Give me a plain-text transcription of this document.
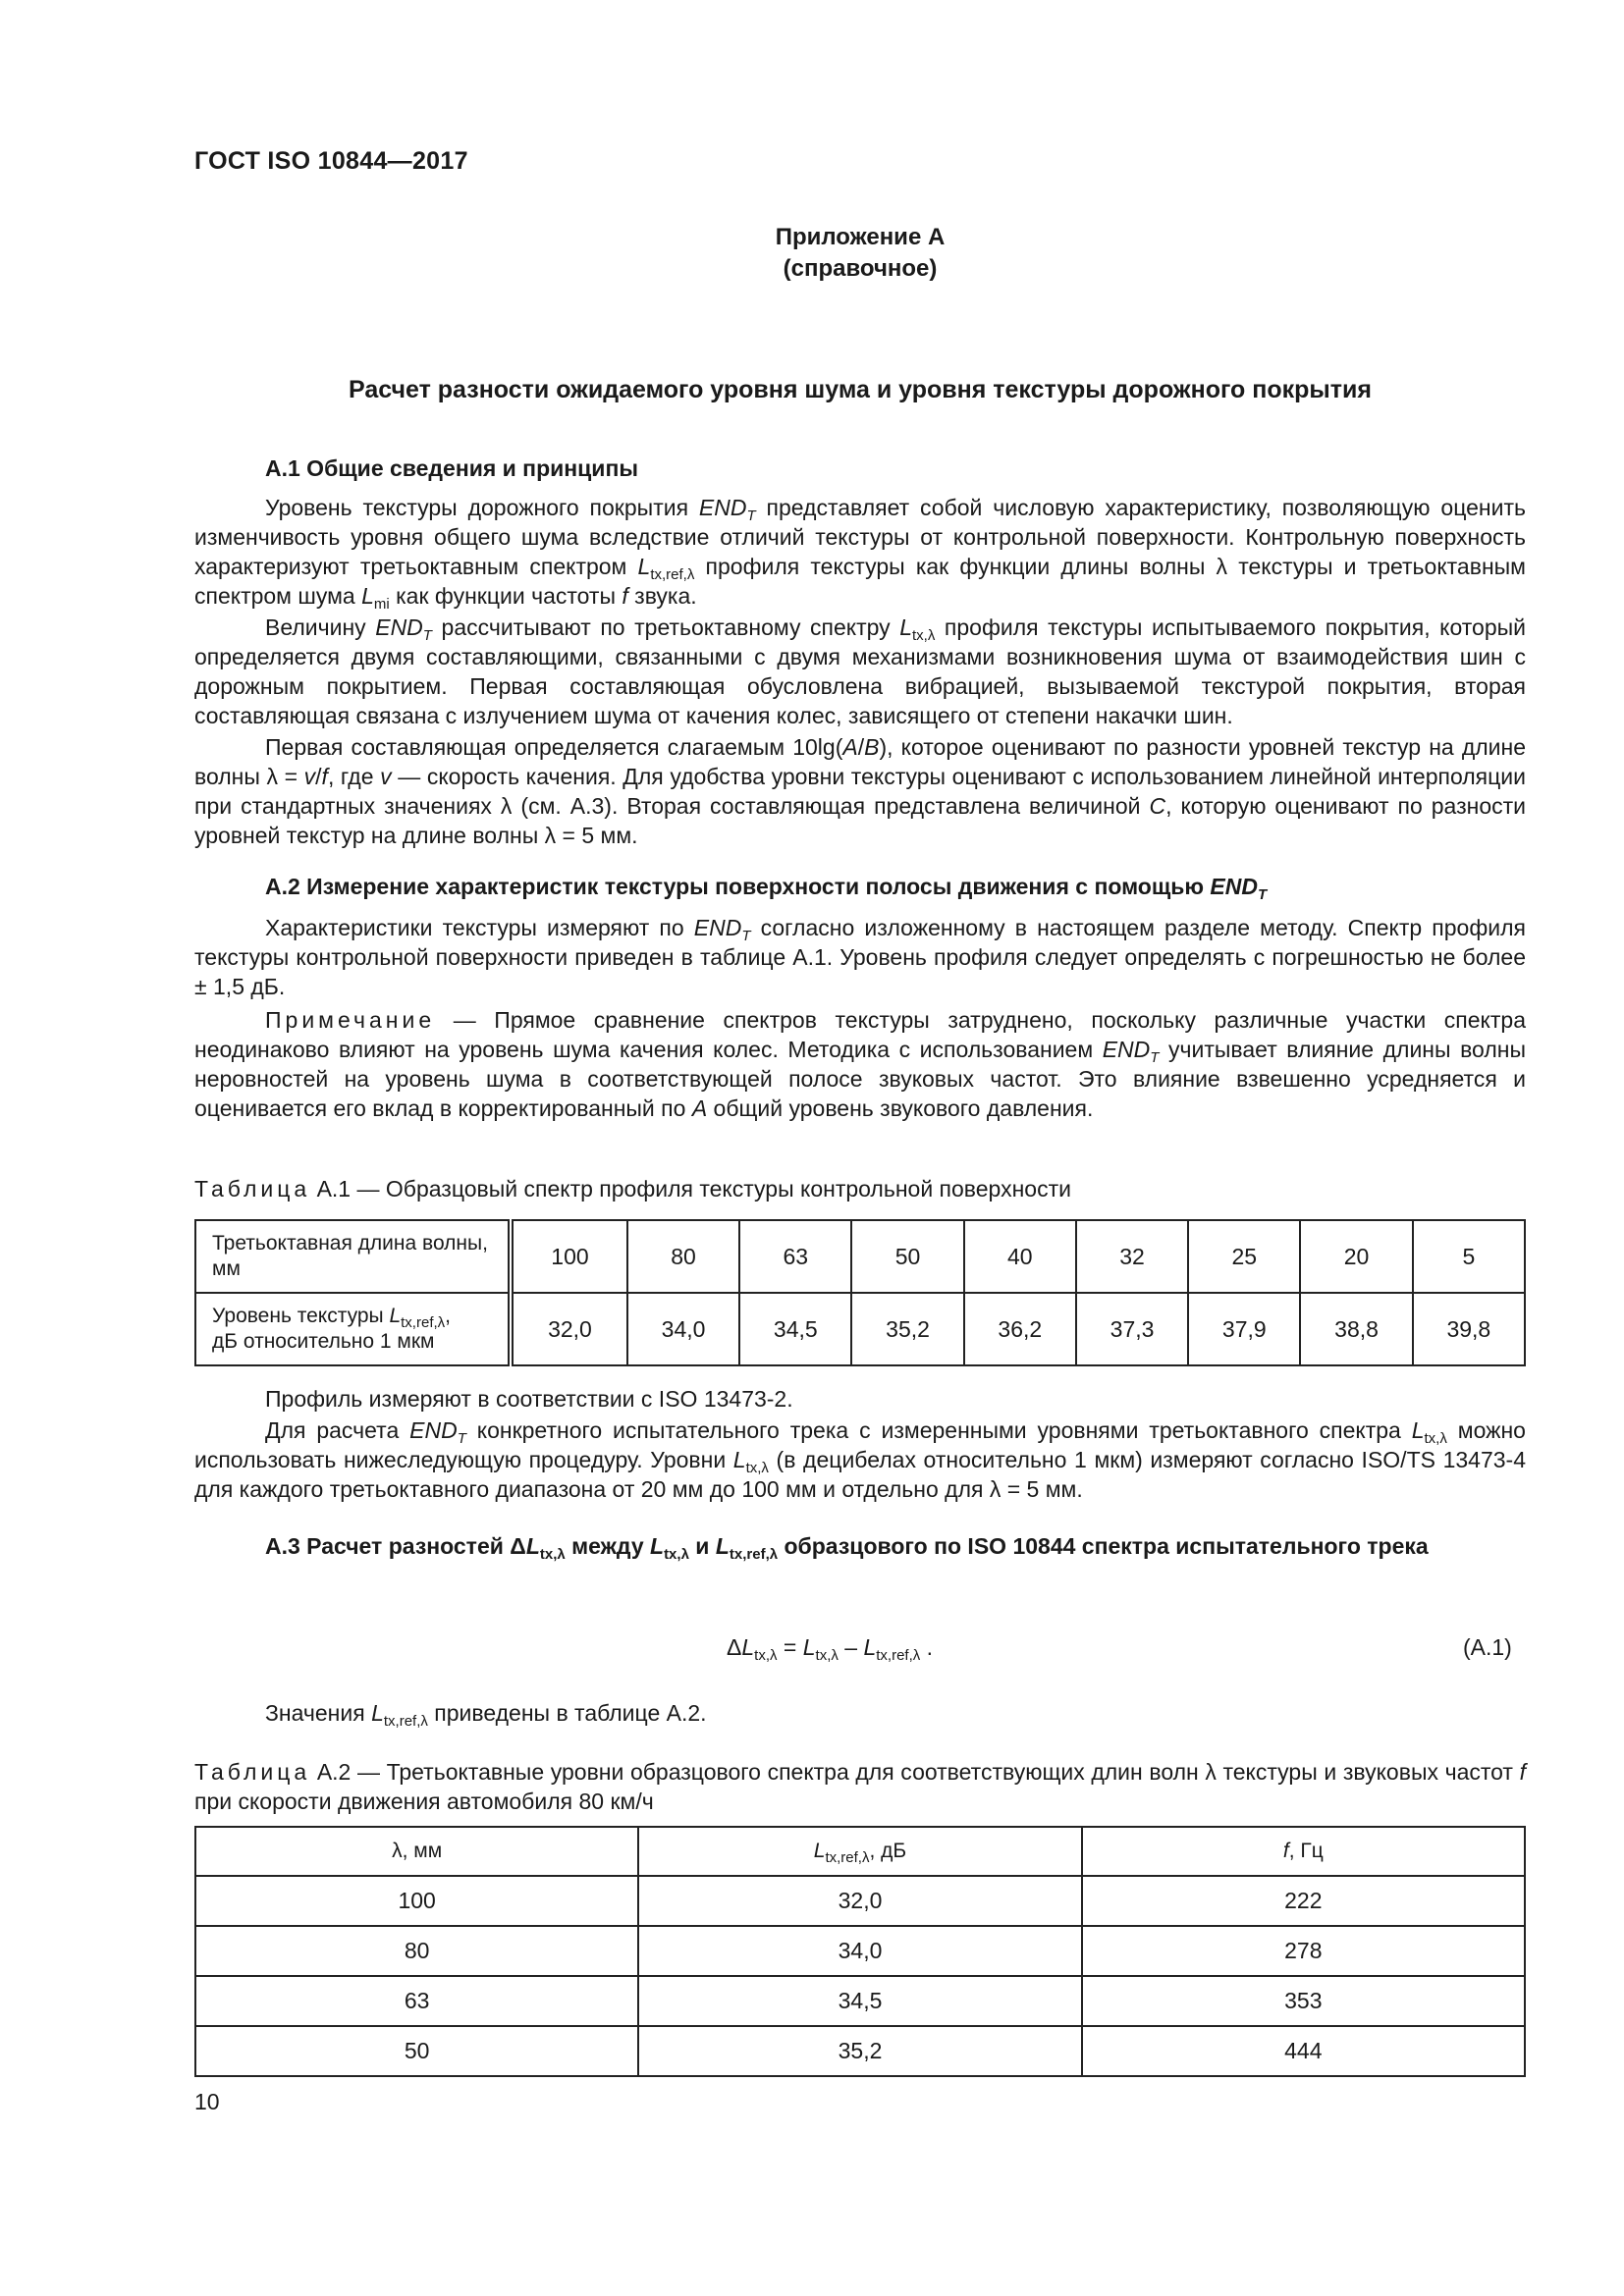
ГОСТ ISO 10844—2017
Приложение А
(справочное)
Расчет разности ожидаемого уровня шума и уровня текстуры дорожного покрытия
А.1 Общие сведения и принципы
Уровень текстуры дорожного покрытия $END_T$ представляет собой числовую характеристику, позволяющую оценить изменчивость уровня общего шума вследствие отличий текстуры от контрольной поверхности. Контрольную поверхность характеризуют третьоктавным спектром $L_{tx,ref,\lambda}$ профиля текстуры как функции длины волны λ текстуры и третьоктавным спектром шума $L_{mi}$ как функции частоты f звука.
Величину $END_T$ рассчитывают по третьоктавному спектру $L_{tx,\lambda}$ профиля текстуры испытываемого покрытия, который определяется двумя составляющими, связанными с двумя механизмами возникновения шума от взаимодействия шин с дорожным покрытием. Первая составляющая обусловлена вибрацией, вызываемой текстурой покрытия, вторая составляющая связана с излучением шума от качения колес, зависящего от степени накачки шин.
Первая составляющая определяется слагаемым 10lg(A/B), которое оценивают по разности уровней текстур на длине волны λ = v/f, где v — скорость качения. Для удобства уровни текстуры оценивают с использованием линейной интерполяции при стандартных значениях λ (см. А.3). Вторая составляющая представлена величиной C, которую оценивают по разности уровней текстур на длине волны λ = 5 мм.
А.2 Измерение характеристик текстуры поверхности полосы движения с помощью $END_T$
Характеристики текстуры измеряют по $END_T$ согласно изложенному в настоящем разделе методу. Спектр профиля текстуры контрольной поверхности приведен в таблице А.1. Уровень профиля следует определять с погрешностью не более ± 1,5 дБ.
Примечание — Прямое сравнение спектров текстуры затруднено, поскольку различные участки спектра неодинаково влияют на уровень шума качения колес. Методика с использованием $END_T$ учитывает влияние длины волны неровностей на уровень шума в соответствующей полосе звуковых частот. Это влияние взвешенно усредняется и оценивается его вклад в корректированный по A общий уровень звукового давления.
Таблица А.1 — Образцовый спектр профиля текстуры контрольной поверхности
Третьоктавная длина волны, мм	100	80	63	50	40	32	25	20	5
Уровень текстуры $L_{tx,ref,\lambda}$,
дБ относительно 1 мкм	32,0	34,0	34,5	35,2	36,2	37,3	37,9	38,8	39,8
Профиль измеряют в соответствии с ISO 13473-2.
Для расчета $END_T$ конкретного испытательного трека с измеренными уровнями третьоктавного спектра $L_{tx,\lambda}$ можно использовать нижеследующую процедуру. Уровни $L_{tx,\lambda}$ (в децибелах относительно 1 мкм) измеряют согласно ISO/TS 13473-4 для каждого третьоктавного диапазона от 20 мм до 100 мм и отдельно для λ = 5 мм.
А.3 Расчет разностей $\Delta L_{tx,\lambda}$ между $L_{tx,\lambda}$ и $L_{tx,ref,\lambda}$ образцового по ISO 10844 спектра испытательного трека
$\Delta L_{tx,\lambda} = L_{tx,\lambda} - L_{tx,ref,\lambda}$ .	(А.1)
Значения $L_{tx,ref,\lambda}$ приведены в таблице А.2.
Таблица А.2 — Третьоктавные уровни образцового спектра для соответствующих длин волн λ текстуры и звуковых частот f при скорости движения автомобиля 80 км/ч
λ, мм	$L_{tx,ref,\lambda}$, дБ	f, Гц
100	32,0	222
80	34,0	278
63	34,5	353
50	35,2	444
10
